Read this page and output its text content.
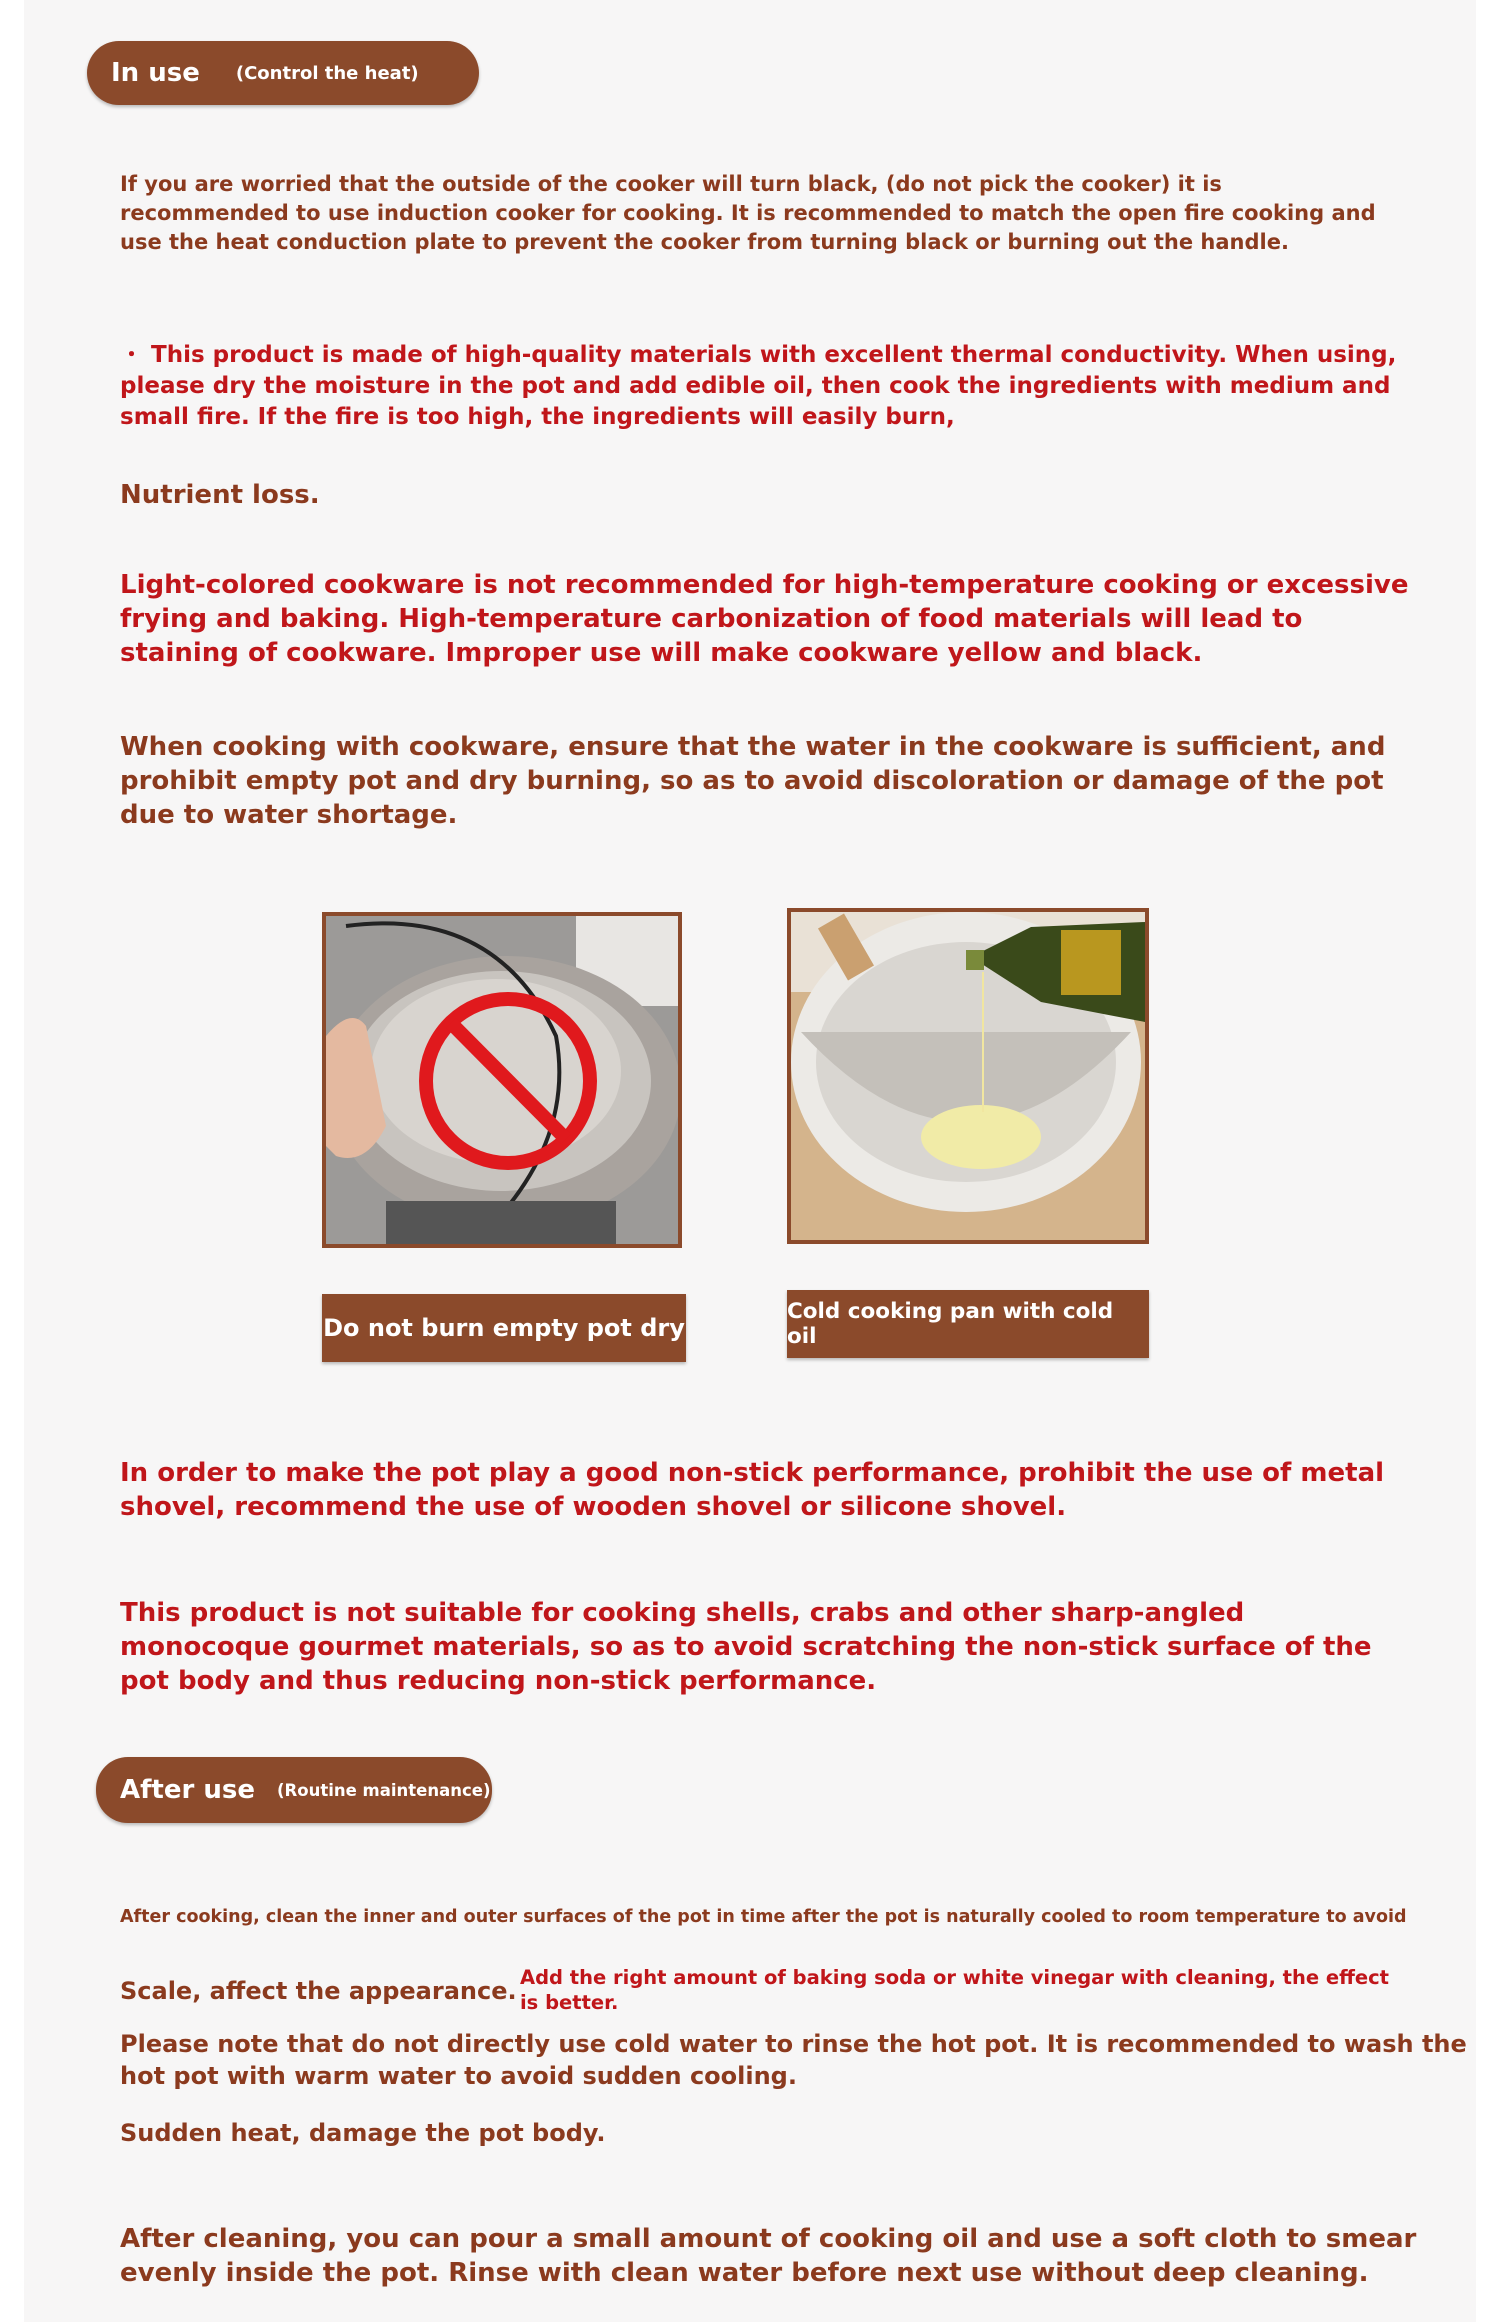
In use (Control the heat)

If you are worried that the outside of the cooker will turn black, (do not pick the cooker) it is recommended to use induction cooker for cooking. It is recommended to match the open fire cooking and use the heat conduction plate to prevent the cooker from turning black or burning out the handle.

・ This product is made of high-quality materials with excellent thermal conductivity. When using, please dry the moisture in the pot and add edible oil, then cook the ingredients with medium and small fire. If the fire is too high, the ingredients will easily burn,

Nutrient loss.

Light-colored cookware is not recommended for high-temperature cooking or excessive frying and baking. High-temperature carbonization of food materials will lead to staining of cookware. Improper use will make cookware yellow and black.

When cooking with cookware, ensure that the water in the cookware is sufficient, and prohibit empty pot and dry burning, so as to avoid discoloration or damage of the pot due to water shortage.

Do not burn empty pot dry
Cold cooking pan with cold oil

In order to make the pot play a good non-stick performance, prohibit the use of metal shovel, recommend the use of wooden shovel or silicone shovel.

This product is not suitable for cooking shells, crabs and other sharp-angled monocoque gourmet materials, so as to avoid scratching the non-stick surface of the pot body and thus reducing non-stick performance.

After use (Routine maintenance)

After cooking, clean the inner and outer surfaces of the pot in time after the pot is naturally cooled to room temperature to avoid

Scale, affect the appearance. Add the right amount of baking soda or white vinegar with cleaning, the effect is better.

Please note that do not directly use cold water to rinse the hot pot. It is recommended to wash the hot pot with warm water to avoid sudden cooling.

Sudden heat, damage the pot body.

After cleaning, you can pour a small amount of cooking oil and use a soft cloth to smear evenly inside the pot. Rinse with clean water before next use without deep cleaning.
